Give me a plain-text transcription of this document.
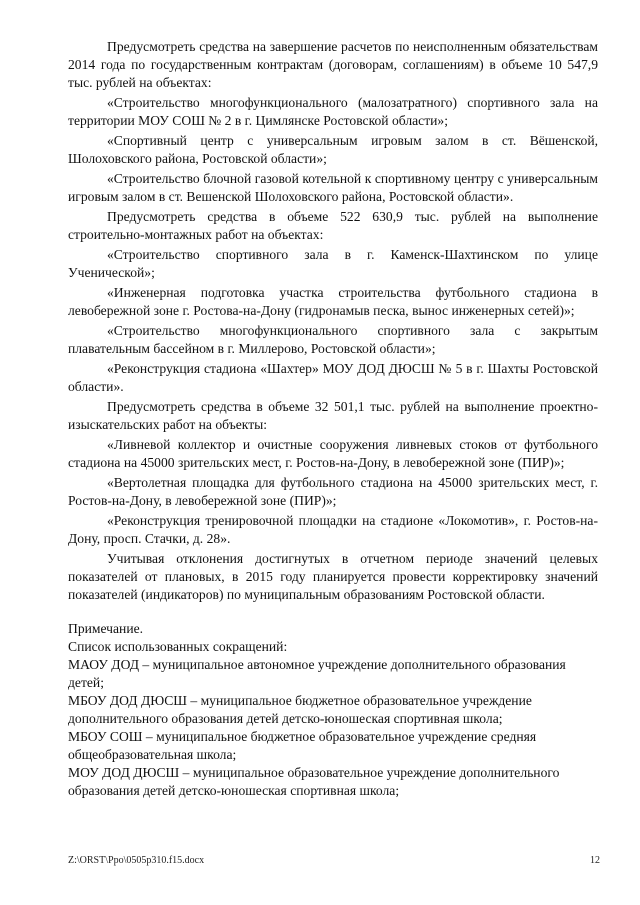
Предусмотреть средства на завершение расчетов по неисполненным обязательствам 2014 года по государственным контрактам (договорам, соглашениям) в объеме 10 547,9 тыс. рублей на объектах:

«Строительство многофункционального (малозатратного) спортивного зала на территории МОУ СОШ № 2 в г. Цимлянске Ростовской области»;

«Спортивный центр с универсальным игровым залом в ст. Вёшенской, Шолоховского района, Ростовской области»;

«Строительство блочной газовой котельной к спортивному центру с универсальным игровым залом в ст. Вешенской Шолоховского района, Ростовской области».

Предусмотреть средства в объеме 522 630,9 тыс. рублей на выполнение строительно-монтажных работ на объектах:

«Строительство спортивного зала в г. Каменск-Шахтинском по улице Ученической»;

«Инженерная подготовка участка строительства футбольного стадиона в левобережной зоне г. Ростова-на-Дону (гидронамыв песка, вынос инженерных сетей)»;

«Строительство многофункционального спортивного зала с закрытым плавательным бассейном в г. Миллерово, Ростовской области»;

«Реконструкция стадиона «Шахтер» МОУ ДОД ДЮСШ № 5 в г. Шахты Ростовской области».

Предусмотреть средства в объеме 32 501,1 тыс. рублей на выполнение проектно-изыскательских работ на объекты:

«Ливневой коллектор и очистные сооружения ливневых стоков от футбольного стадиона на 45000 зрительских мест, г. Ростов-на-Дону, в левобережной зоне (ПИР)»;

«Вертолетная площадка для футбольного стадиона на 45000 зрительских мест, г. Ростов-на-Дону, в левобережной зоне (ПИР)»;

«Реконструкция тренировочной площадки на стадионе «Локомотив», г. Ростов-на-Дону, просп. Стачки, д. 28».

Учитывая отклонения достигнутых в отчетном периоде значений целевых показателей от плановых, в 2015 году планируется провести корректировку значений показателей (индикаторов) по муниципальным образованиям Ростовской области.

Примечание.

Список использованных сокращений:

МАОУ ДОД – муниципальное автономное учреждение дополнительного образования детей;

МБОУ ДОД ДЮСШ – муниципальное бюджетное образовательное учреждение дополнительного образования детей детско-юношеская спортивная школа;

МБОУ СОШ – муниципальное бюджетное образовательное учреждение средняя общеобразовательная школа;

МОУ ДОД ДЮСШ – муниципальное образовательное учреждение дополнительного образования детей детско-юношеская спортивная школа;

Z:\ORST\Ppo\0505p310.f15.docx	12
